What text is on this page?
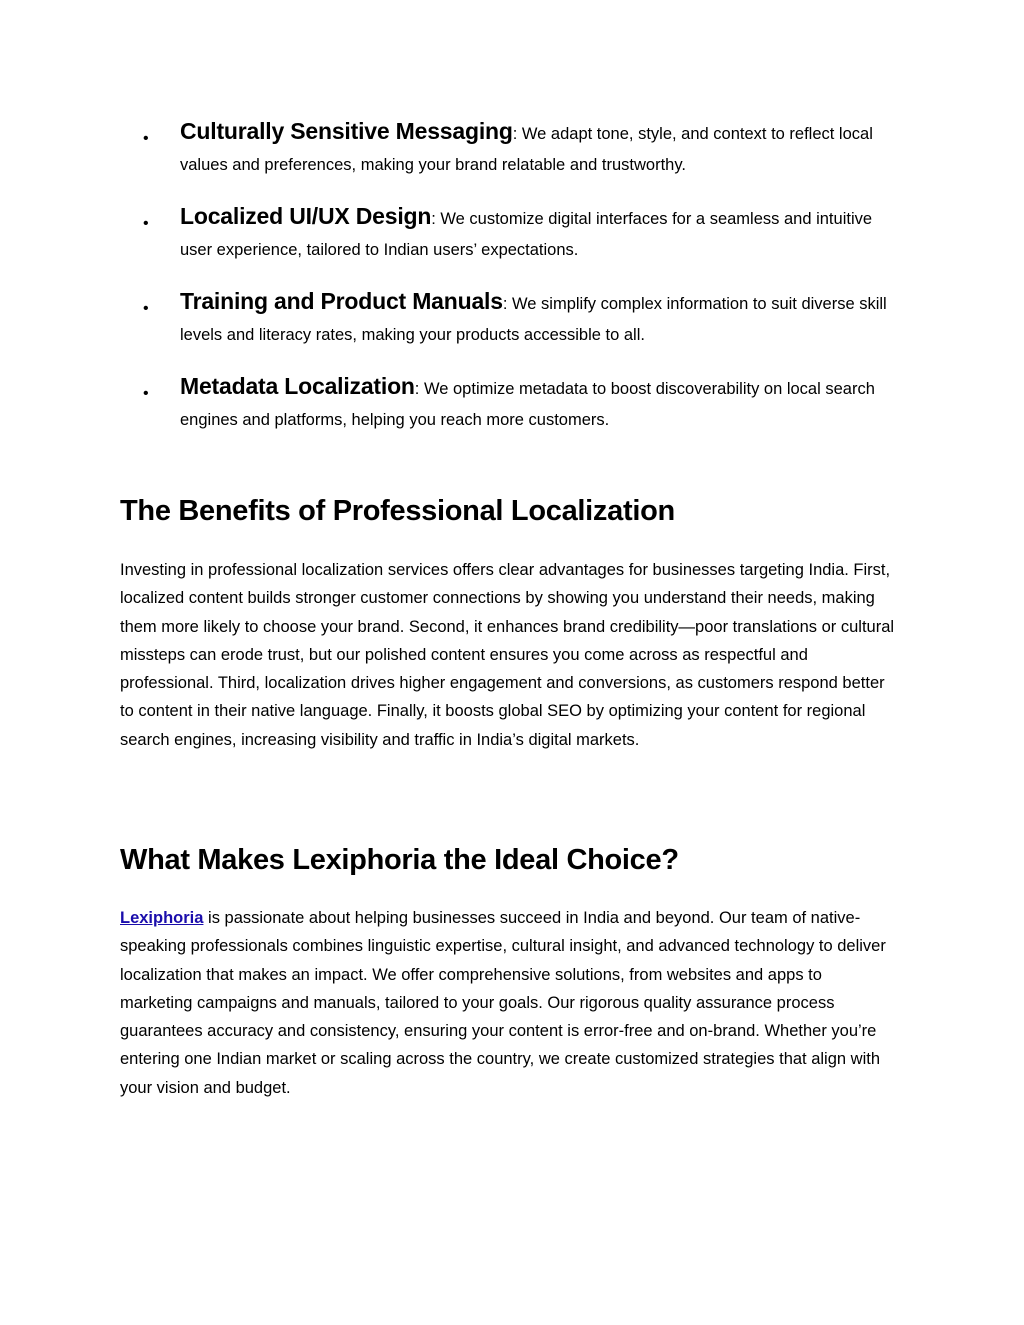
• Culturally Sensitive Messaging: We adapt tone, style, and context to reflect local values and preferences, making your brand relatable and trustworthy.
• Localized UI/UX Design: We customize digital interfaces for a seamless and intuitive user experience, tailored to Indian users’ expectations.
• Training and Product Manuals: We simplify complex information to suit diverse skill levels and literacy rates, making your products accessible to all.
• Metadata Localization: We optimize metadata to boost discoverability on local search engines and platforms, helping you reach more customers.
The Benefits of Professional Localization

Investing in professional localization services offers clear advantages for businesses targeting India. First, localized content builds stronger customer connections by showing you understand their needs, making them more likely to choose your brand. Second, it enhances brand credibility—poor translations or cultural missteps can erode trust, but our polished content ensures you come across as respectful and professional. Third, localization drives higher engagement and conversions, as customers respond better to content in their native language. Finally, it boosts global SEO by optimizing your content for regional search engines, increasing visibility and traffic in India’s digital markets.

What Makes Lexiphoria the Ideal Choice?

Lexiphoria is passionate about helping businesses succeed in India and beyond. Our team of native-speaking professionals combines linguistic expertise, cultural insight, and advanced technology to deliver localization that makes an impact. We offer comprehensive solutions, from websites and apps to marketing campaigns and manuals, tailored to your goals. Our rigorous quality assurance process guarantees accuracy and consistency, ensuring your content is error-free and on-brand. Whether you’re entering one Indian market or scaling across the country, we create customized strategies that align with your vision and budget.
